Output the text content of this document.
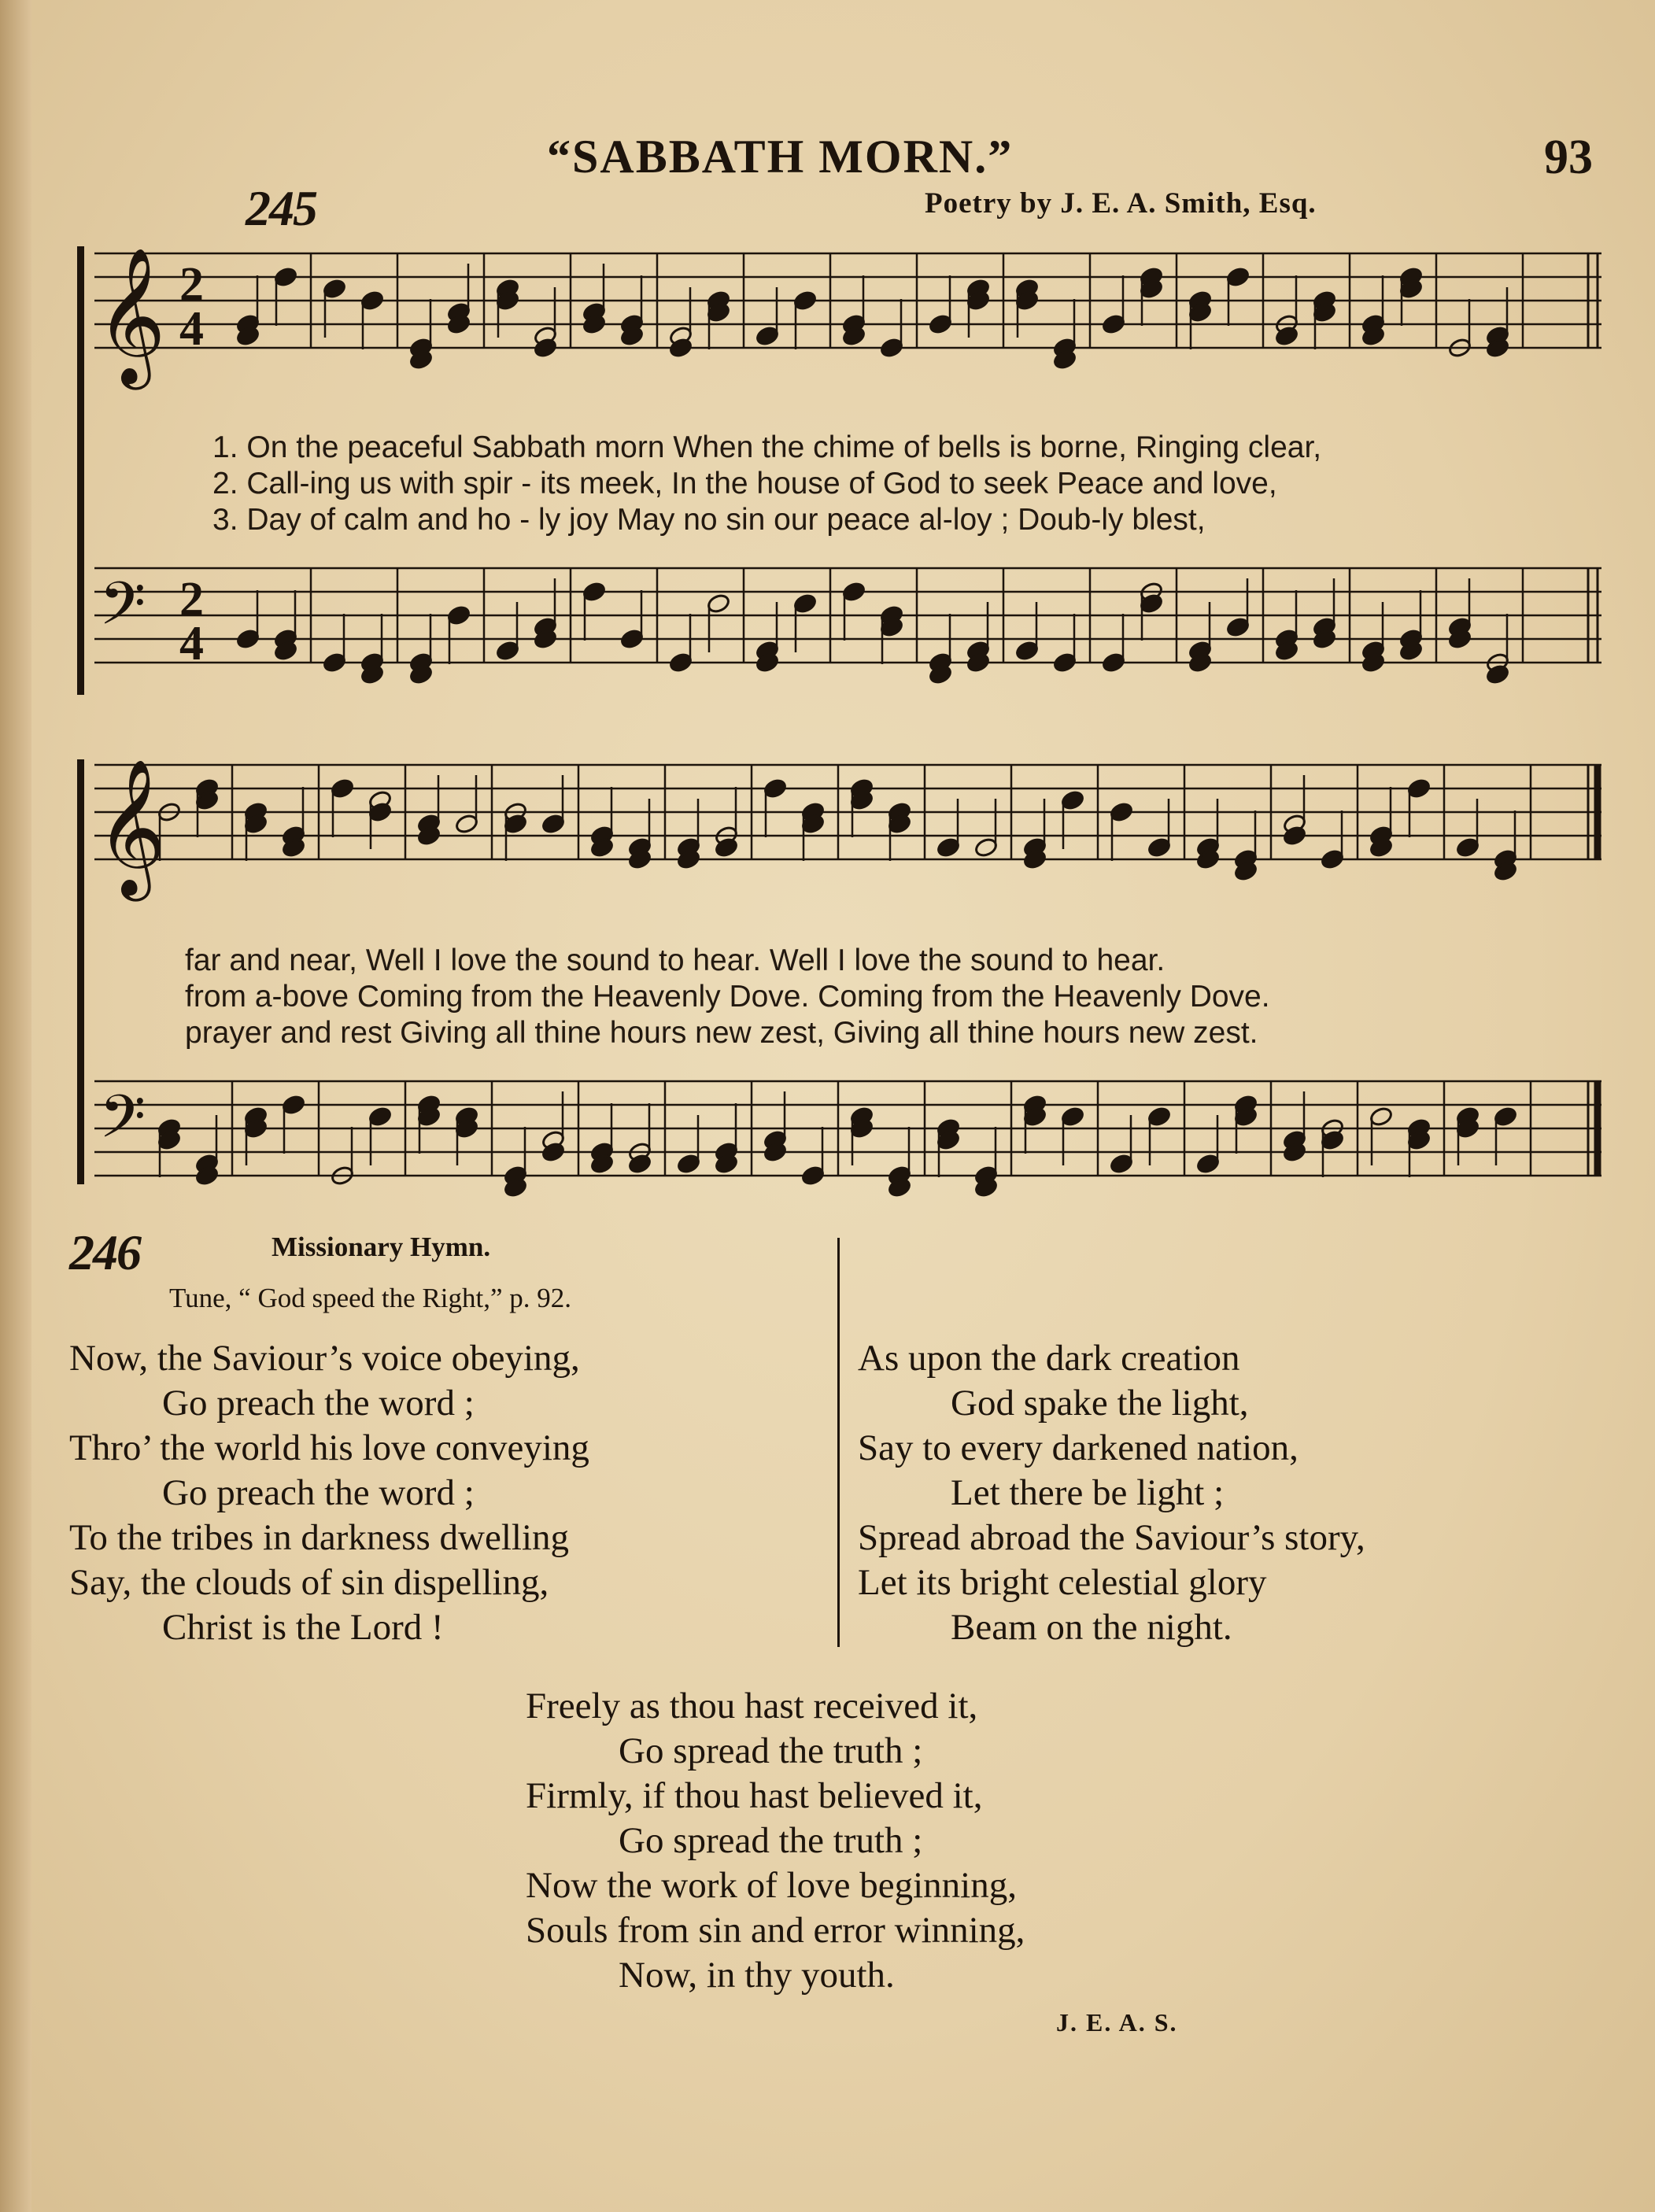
“SABBATH MORN.”	93
245	Poetry by J. E. A. Smith, Esq.
𝄞 2
4
1. On the peaceful Sabbath morn When the chime of bells is borne, Ringing clear,
2. Call-ing us with spir - its meek, In the house of God to seek Peace and love,
3. Day of calm and ho - ly joy May no sin our peace al-loy ; Doub-ly blest,
𝄢 2
4
𝄞
far and near, Well I love the sound to hear. Well I love the sound to hear.
from a-bove Coming from the Heavenly Dove. Coming from the Heavenly Dove.
prayer and rest Giving all thine hours new zest, Giving all thine hours new zest.
𝄢
246	Missionary Hymn.
Tune, “ God speed the Right,” p. 92.
Now, the Saviour’s voice obeying,
Go preach the word ;
Thro’ the world his love conveying
Go preach the word ;
To the tribes in darkness dwelling
Say, the clouds of sin dispelling,
Christ is the Lord !
As upon the dark creation
God spake the light,
Say to every darkened nation,
Let there be light ;
Spread abroad the Saviour’s story,
Let its bright celestial glory
Beam on the night.
Freely as thou hast received it,
Go spread the truth ;
Firmly, if thou hast believed it,
Go spread the truth ;
Now the work of love beginning,
Souls from sin and error winning,
Now, in thy youth.
J. E. A. S.
